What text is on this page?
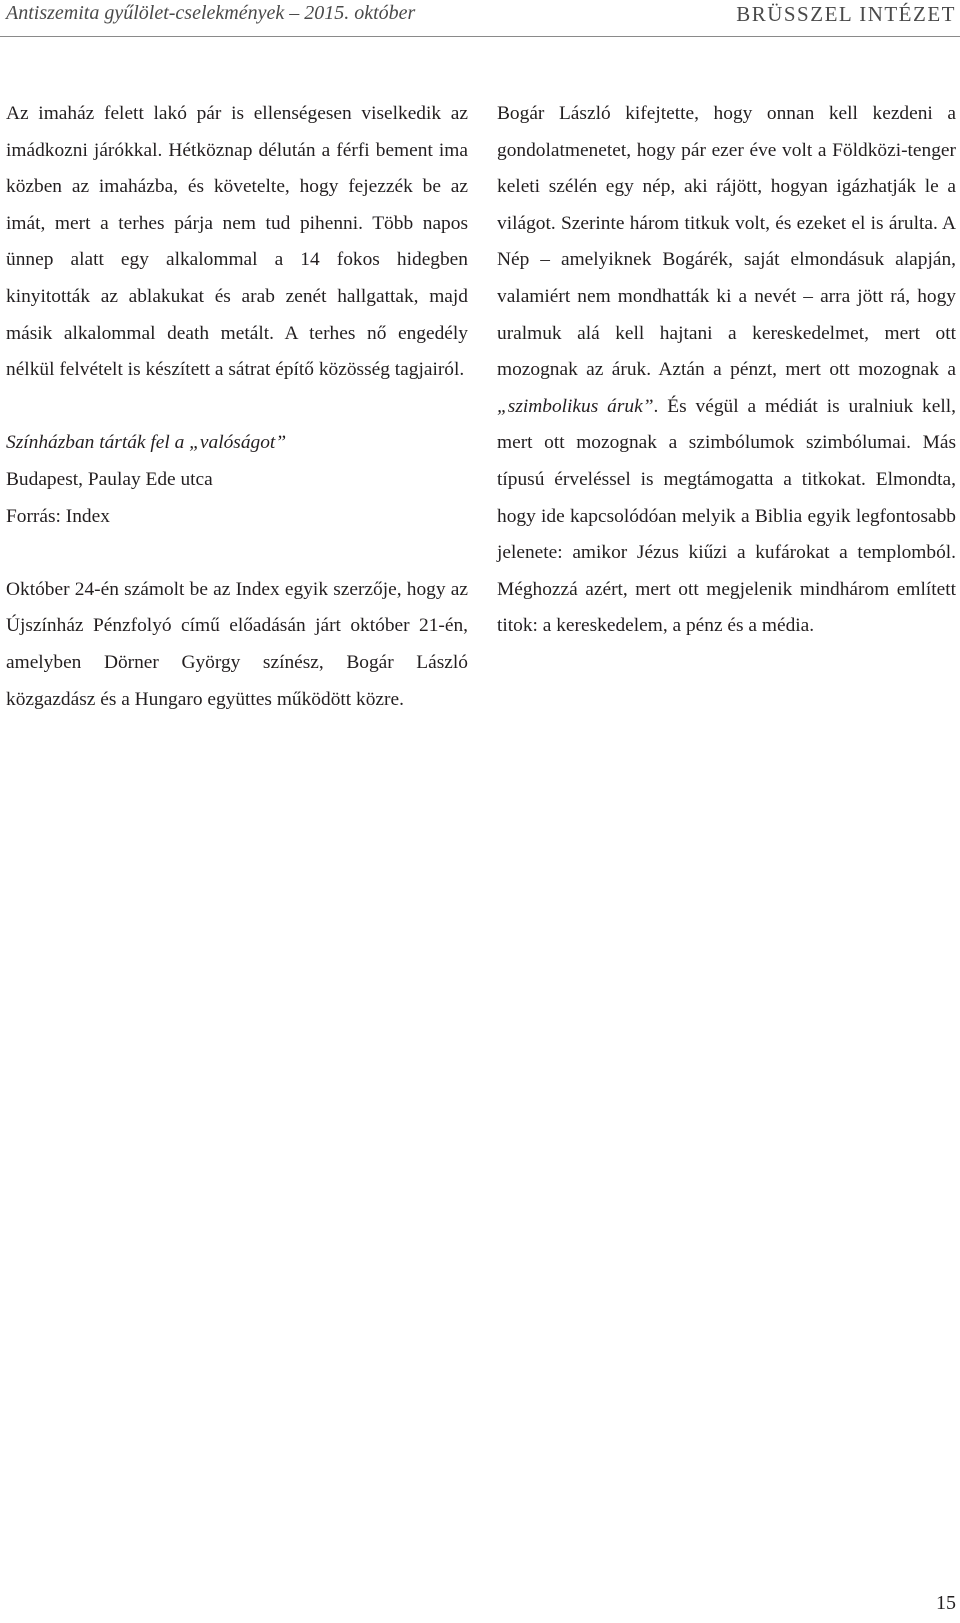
Antiszemita gyűlölet-cselekmények – 2015. október	BRÜSSZEL INTÉZET

Az imaház felett lakó pár is ellenségesen viselkedik az imádkozni járókkal. Hétköznap délután a férfi bement ima közben az imaházba, és követelte, hogy fejezzék be az imát, mert a terhes párja nem tud pihenni. Több napos ünnep alatt egy alkalommal a 14 fokos hidegben kinyitották az ablakukat és arab zenét hallgattak, majd másik alkalommal death metált. A terhes nő engedély nélkül felvételt is készített a sátrat építő közösség tagjairól.

Színházban tárták fel a „valóságot”

Budapest, Paulay Ede utca

Forrás: Index

Október 24-én számolt be az Index egyik szerzője, hogy az Újszínház Pénzfolyó című előadásán járt október 21-én, amelyben Dörner György színész, Bogár László közgazdász és a Hungaro együttes működött közre.

Bogár László kifejtette, hogy onnan kell kezdeni a gondolatmenetet, hogy pár ezer éve volt a Földközi-tenger keleti szélén egy nép, aki rájött, hogyan igázhatják le a világot. Szerinte három titkuk volt, és ezeket el is árulta. A Nép – amelyiknek Bogárék, saját elmondásuk alapján, valamiért nem mondhatták ki a nevét – arra jött rá, hogy uralmuk alá kell hajtani a kereskedelmet, mert ott mozognak az áruk. Aztán a pénzt, mert ott mozognak a „szimbolikus áruk”. És végül a médiát is uralniuk kell, mert ott mozognak a szimbólumok szimbólumai. Más típusú érveléssel is megtámogatta a titkokat. Elmondta, hogy ide kapcsolódóan melyik a Biblia egyik legfontosabb jelenete: amikor Jézus kiűzi a kufárokat a templomból. Méghozzá azért, mert ott megjelenik mindhárom említett titok: a kereskedelem, a pénz és a média.

15
